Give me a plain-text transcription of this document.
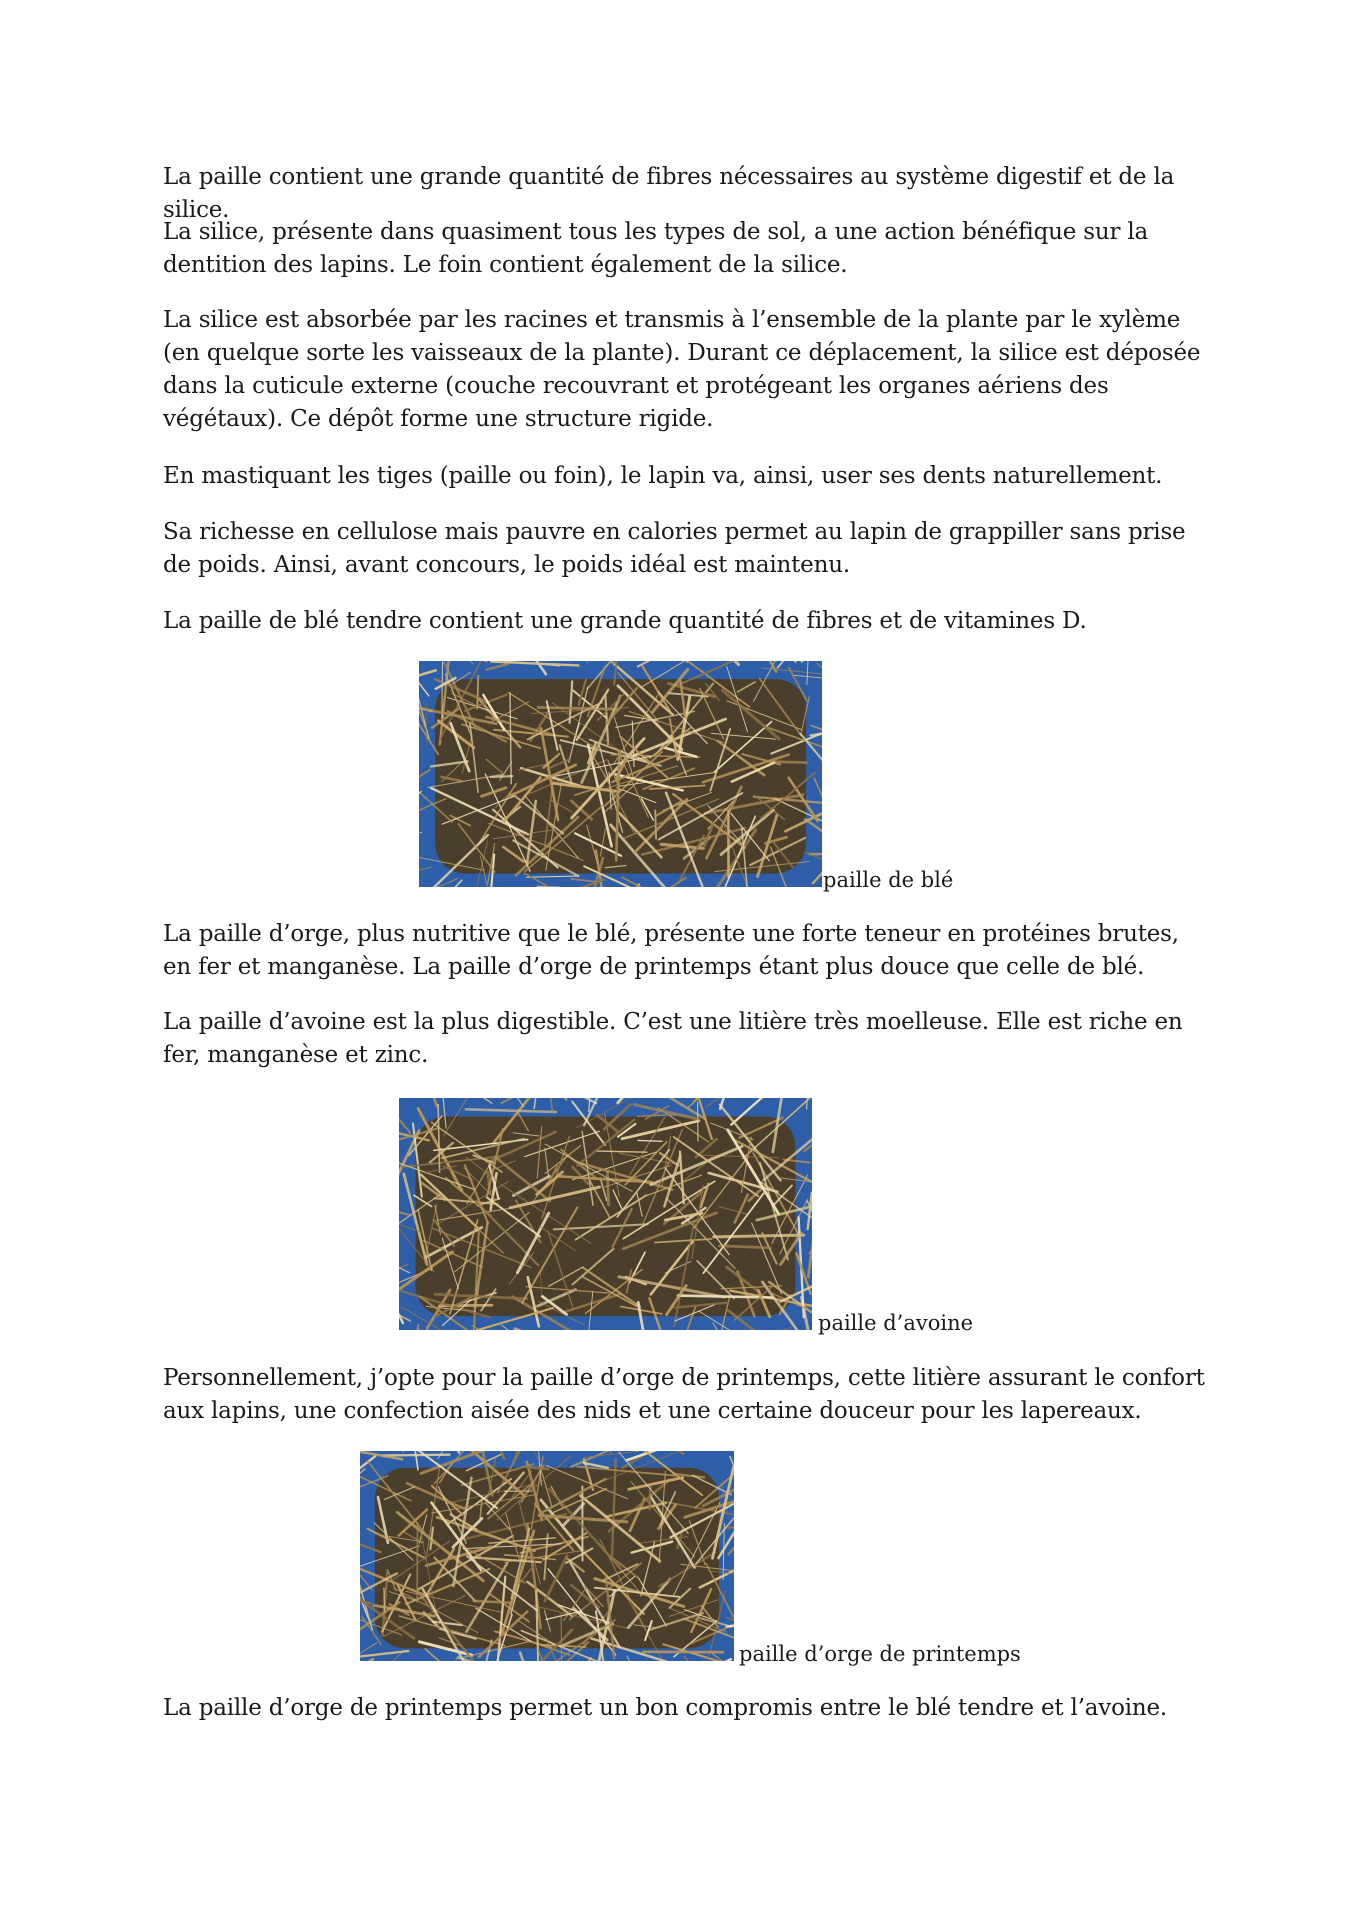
La paille contient une grande quantité de fibres nécessaires au système digestif et de la silice.

La silice, présente dans quasiment tous les types de sol, a une action bénéfique sur la dentition des lapins. Le foin contient également de la silice.

La silice est absorbée par les racines et transmis à l’ensemble de la plante par le xylème (en quelque sorte les vaisseaux de la plante). Durant ce déplacement, la silice est déposée dans la cuticule externe (couche recouvrant et protégeant les organes aériens des végétaux). Ce dépôt forme une structure rigide.

En mastiquant les tiges (paille ou foin), le lapin va, ainsi, user ses dents naturellement.

Sa richesse en cellulose mais pauvre en calories permet au lapin de grappiller sans prise de poids. Ainsi, avant concours, le poids idéal est maintenu.

La paille de blé tendre contient une grande quantité de fibres et de vitamines D.

paille de blé

La paille d’orge, plus nutritive que le blé, présente une forte teneur en protéines brutes, en fer et manganèse. La paille d’orge de printemps étant plus douce que celle de blé.

La paille d’avoine est la plus digestible. C’est une litière très moelleuse. Elle est riche en fer, manganèse et zinc.

paille d’avoine

Personnellement, j’opte pour la paille d’orge de printemps, cette litière assurant le confort aux lapins, une confection aisée des nids et une certaine douceur pour les lapereaux.

paille d’orge de printemps

La paille d’orge de printemps permet un bon compromis entre le blé tendre et l’avoine.
